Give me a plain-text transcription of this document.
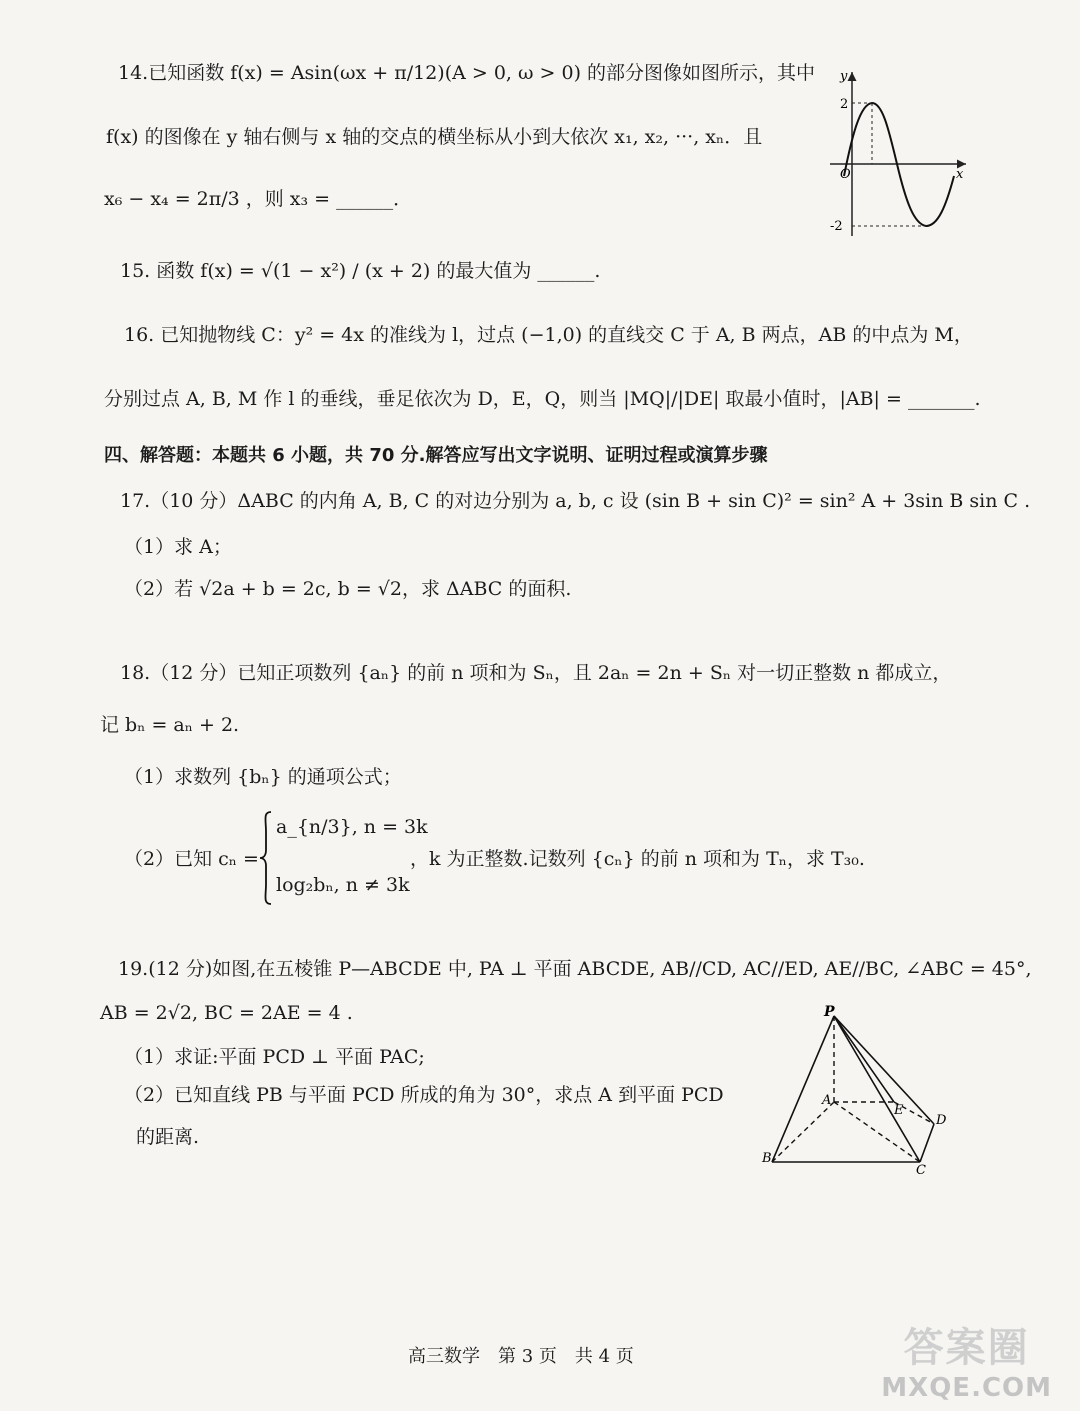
14.已知函数 f(x) = Asin(ωx + π/12)(A > 0, ω > 0) 的部分图像如图所示，其中
f(x) 的图像在 y 轴右侧与 x 轴的交点的横坐标从小到大依次 x₁, x₂, ···, xₙ．且
x₆ − x₄ = 2π/3 ，则 x₃ = ______．
y
x
O
2
-2
15. 函数 f(x) = √(1 − x²) / (x + 2) 的最大值为 ______.
16. 已知抛物线 C：y² = 4x 的准线为 l，过点 (−1,0) 的直线交 C 于 A, B 两点，AB 的中点为 M，
分别过点 A, B, M 作 l 的垂线，垂足依次为 D，E，Q，则当 |MQ|/|DE| 取最小值时，|AB| = _______.
四、解答题：本题共 6 小题，共 70 分.解答应写出文字说明、证明过程或演算步骤
17.（10 分）ΔABC 的内角 A, B, C 的对边分别为 a, b, c 设 (sin B + sin C)² = sin² A + 3sin B sin C .
（1）求 A；
（2）若 √2a + b = 2c, b = √2，求 ΔABC 的面积.
18.（12 分）已知正项数列 {aₙ} 的前 n 项和为 Sₙ，且 2aₙ = 2n + Sₙ 对一切正整数 n 都成立，
记 bₙ = aₙ + 2.
（1）求数列 {bₙ} 的通项公式；
（2）已知 cₙ =
a_{n/3}, n = 3k
log₂bₙ, n ≠ 3k
，k 为正整数.记数列 {cₙ} 的前 n 项和为 Tₙ，求 T₃₀.
19.(12 分)如图,在五棱锥 P—ABCDE 中, PA ⊥ 平面 ABCDE, AB//CD, AC//ED, AE//BC, ∠ABC = 45°,
AB = 2√2, BC = 2AE = 4 .
（1）求证:平面 PCD ⊥ 平面 PAC;
（2）已知直线 PB 与平面 PCD 所成的角为 30°，求点 A 到平面 PCD
的距离.
P
A
B
C
D
E
高三数学　第 3 页　共 4 页	答案圈
MXQE.COM
